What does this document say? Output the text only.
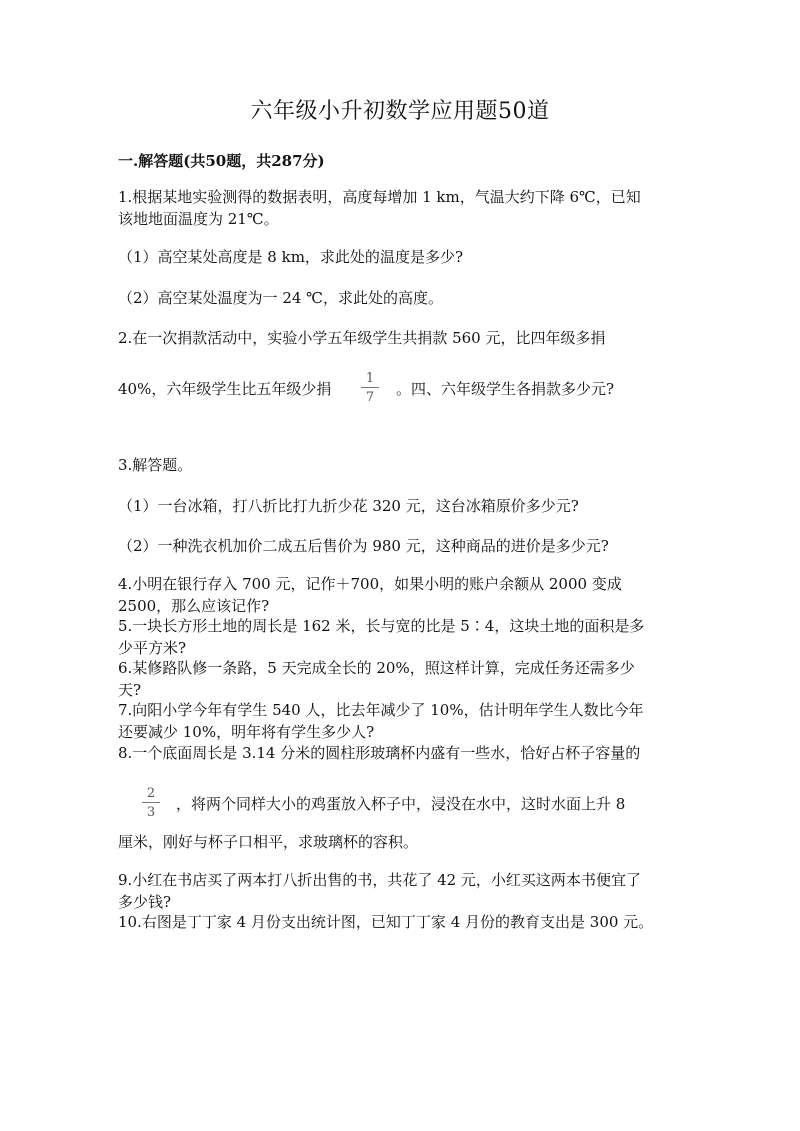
六年级小升初数学应用题50道
一.解答题(共50题，共287分)
1.根据某地实验测得的数据表明，高度每增加 1 km，气温大约下降 6℃，已知
该地地面温度为 21℃。
（1）高空某处高度是 8 km，求此处的温度是多少?
（2）高空某处温度为一 24 ℃，求此处的高度。
2.在一次捐款活动中，实验小学五年级学生共捐款 560 元，比四年级多捐
40%，六年级学生比五年级少捐
1
7	。四、六年级学生各捐款多少元?
3.解答题。
（1）一台冰箱，打八折比打九折少花 320 元，这台冰箱原价多少元?
（2）一种洗衣机加价二成五后售价为 980 元，这种商品的进价是多少元?
4.小明在银行存入 700 元，记作＋700，如果小明的账户余额从 2000 变成
2500，那么应该记作?
5.一块长方形土地的周长是 162 米，长与宽的比是 5∶4，这块土地的面积是多
少平方米?
6.某修路队修一条路，5 天完成全长的 20%，照这样计算，完成任务还需多少
天?
7.向阳小学今年有学生 540 人，比去年减少了 10%，估计明年学生人数比今年
还要减少 10%，明年将有学生多少人?
8.一个底面周长是 3.14 分米的圆柱形玻璃杯内盛有一些水，恰好占杯子容量的
2
3	，将两个同样大小的鸡蛋放入杯子中，浸没在水中，这时水面上升 8
厘米，刚好与杯子口相平，求玻璃杯的容积。
9.小红在书店买了两本打八折出售的书，共花了 42 元，小红买这两本书便宜了
多少钱?
10.右图是丁丁家 4 月份支出统计图，已知丁丁家 4 月份的教育支出是 300 元。
